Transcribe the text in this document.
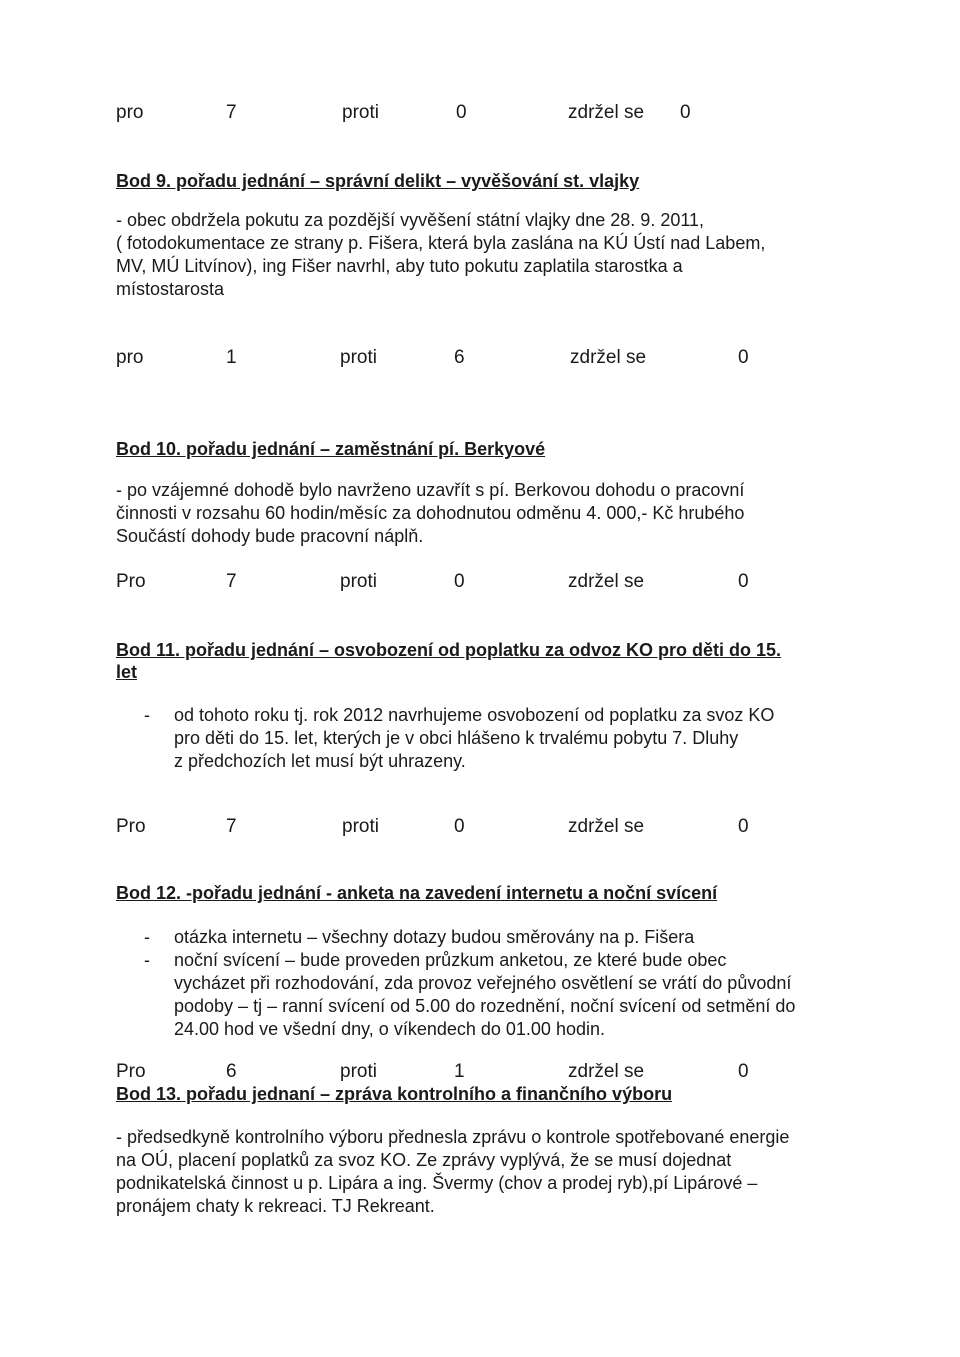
pro	7	proti	0	zdržel se 0
Bod 9. pořadu jednání – správní delikt – vyvěšování st. vlajky
- obec obdržela pokutu za pozdější vyvěšení státní vlajky dne 28. 9. 2011,
( fotodokumentace ze strany p. Fišera, která byla zaslána na KÚ Ústí nad Labem,
MV, MÚ Litvínov), ing Fišer navrhl, aby tuto pokutu zaplatila starostka a
místostarosta
pro	1	proti	6	zdržel se	0
Bod 10. pořadu jednání – zaměstnání pí. Berkyové
- po vzájemné dohodě bylo navrženo uzavřít s pí. Berkovou dohodu o pracovní
činnosti v rozsahu 60 hodin/měsíc za dohodnutou odměnu 4. 000,- Kč hrubého
Součástí dohody bude pracovní náplň.
Pro	7	proti	0	zdržel se	0
Bod 11. pořadu jednání – osvobození od poplatku za odvoz KO pro děti do 15.
let
- od tohoto roku tj. rok 2012 navrhujeme osvobození od poplatku za svoz KO
pro děti do 15. let, kterých je v obci hlášeno k trvalému pobytu 7. Dluhy
z předchozích let musí být uhrazeny.
Pro	7	proti	0	zdržel se	0
Bod 12. -pořadu jednání - anketa na zavedení internetu a noční svícení
- otázka internetu – všechny dotazy budou směrovány na p. Fišera
- noční svícení – bude proveden průzkum anketou, ze které bude obec
vycházet při rozhodování, zda provoz veřejného osvětlení se vrátí do původní
podoby – tj – ranní svícení od 5.00 do rozednění, noční svícení od setmění do
24.00 hod ve všední dny, o víkendech do 01.00 hodin.
Pro	6	proti	1	zdržel se	0
Bod 13. pořadu jednaní – zpráva kontrolního a finančního výboru
- předsedkyně kontrolního výboru přednesla zprávu o kontrole spotřebované energie
na OÚ, placení poplatků za svoz KO. Ze zprávy vyplývá, že se musí dojednat
podnikatelská činnost u p. Lipára a ing. Švermy (chov a prodej ryb),pí Lipárové –
pronájem chaty k rekreaci. TJ Rekreant.
